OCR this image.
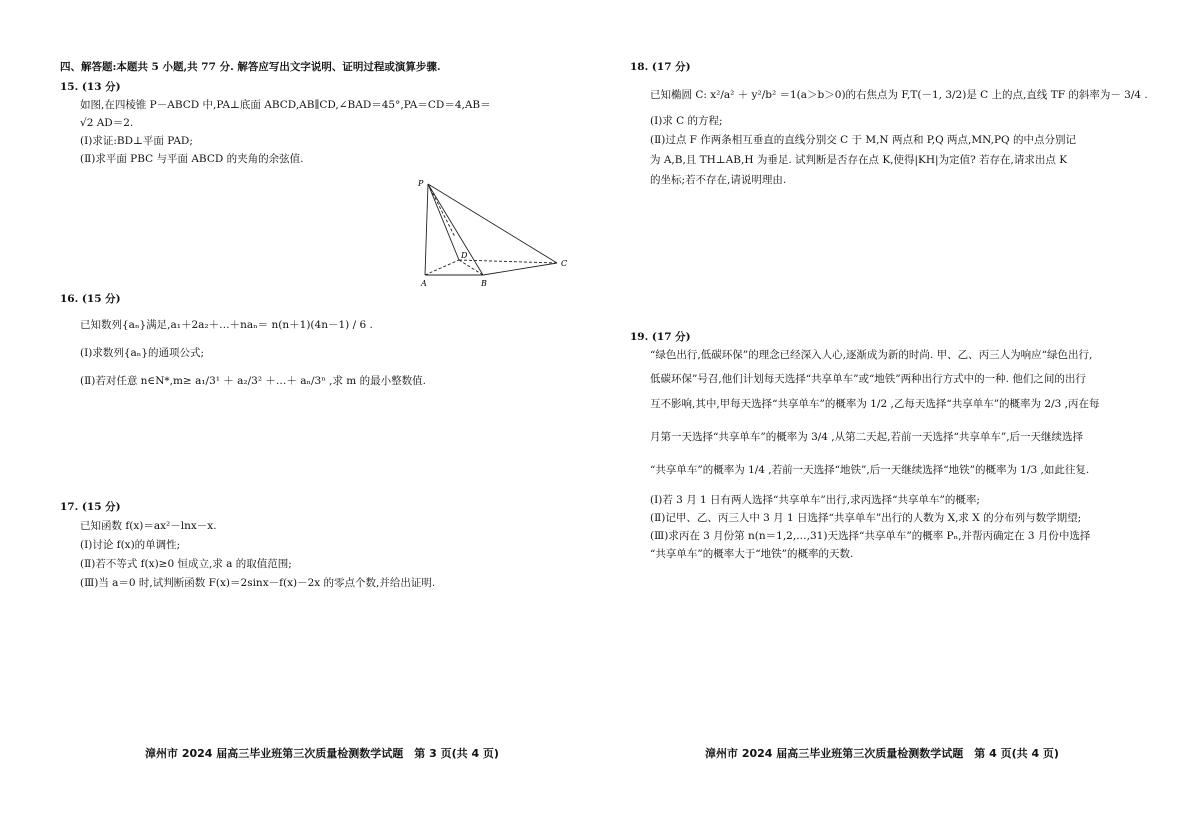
四、解答题:本题共 5 小题,共 77 分. 解答应写出文字说明、证明过程或演算步骤.
15. (13 分)
如图,在四棱锥 P－ABCD 中,PA⊥底面 ABCD,AB∥CD,∠BAD＝45°,PA＝CD＝4,AB＝
√2 AD＝2.
(Ⅰ)求证:BD⊥平面 PAD;
(Ⅱ)求平面 PBC 与平面 ABCD 的夹角的余弦值.
P
D
C
A	B
16. (15 分)
已知数列{aₙ}满足,a₁＋2a₂＋…＋naₙ＝ n(n＋1)(4n－1) / 6 .
(Ⅰ)求数列{aₙ}的通项公式;
(Ⅱ)若对任意 n∈N*,m≥ a₁/3¹ ＋ a₂/3² ＋…＋ aₙ/3ⁿ ,求 m 的最小整数值.
17. (15 分)
已知函数 f(x)＝ax²－lnx－x.
(Ⅰ)讨论 f(x)的单调性;
(Ⅱ)若不等式 f(x)≥0 恒成立,求 a 的取值范围;
(Ⅲ)当 a＝0 时,试判断函数 F(x)＝2sinx－f(x)－2x 的零点个数,并给出证明.
漳州市 2024 届高三毕业班第三次质量检测数学试题　第 3 页(共 4 页)
18. (17 分)
已知椭圆 C: x²/a² ＋ y²/b² ＝1(a＞b＞0)的右焦点为 F,T(－1, 3/2)是 C 上的点,直线 TF 的斜率为－ 3/4 .
(Ⅰ)求 C 的方程;
(Ⅱ)过点 F 作两条相互垂直的直线分别交 C 于 M,N 两点和 P,Q 两点,MN,PQ 的中点分别记
为 A,B,且 TH⊥AB,H 为垂足. 试判断是否存在点 K,使得|KH|为定值? 若存在,请求出点 K
的坐标;若不存在,请说明理由.
19. (17 分)
“绿色出行,低碳环保”的理念已经深入人心,逐渐成为新的时尚. 甲、乙、丙三人为响应“绿色出行,
低碳环保”号召,他们计划每天选择“共享单车”或“地铁”两种出行方式中的一种. 他们之间的出行
互不影响,其中,甲每天选择“共享单车”的概率为 1/2 ,乙每天选择“共享单车”的概率为 2/3 ,丙在每
月第一天选择“共享单车”的概率为 3/4 ,从第二天起,若前一天选择“共享单车”,后一天继续选择
“共享单车”的概率为 1/4 ,若前一天选择“地铁”,后一天继续选择“地铁”的概率为 1/3 ,如此往复.
(Ⅰ)若 3 月 1 日有两人选择“共享单车”出行,求丙选择“共享单车”的概率;
(Ⅱ)记甲、乙、丙三人中 3 月 1 日选择“共享单车”出行的人数为 X,求 X 的分布列与数学期望;
(Ⅲ)求丙在 3 月份第 n(n＝1,2,…,31)天选择“共享单车”的概率 Pₙ,并帮丙确定在 3 月份中选择
“共享单车”的概率大于“地铁”的概率的天数.
漳州市 2024 届高三毕业班第三次质量检测数学试题　第 4 页(共 4 页)
